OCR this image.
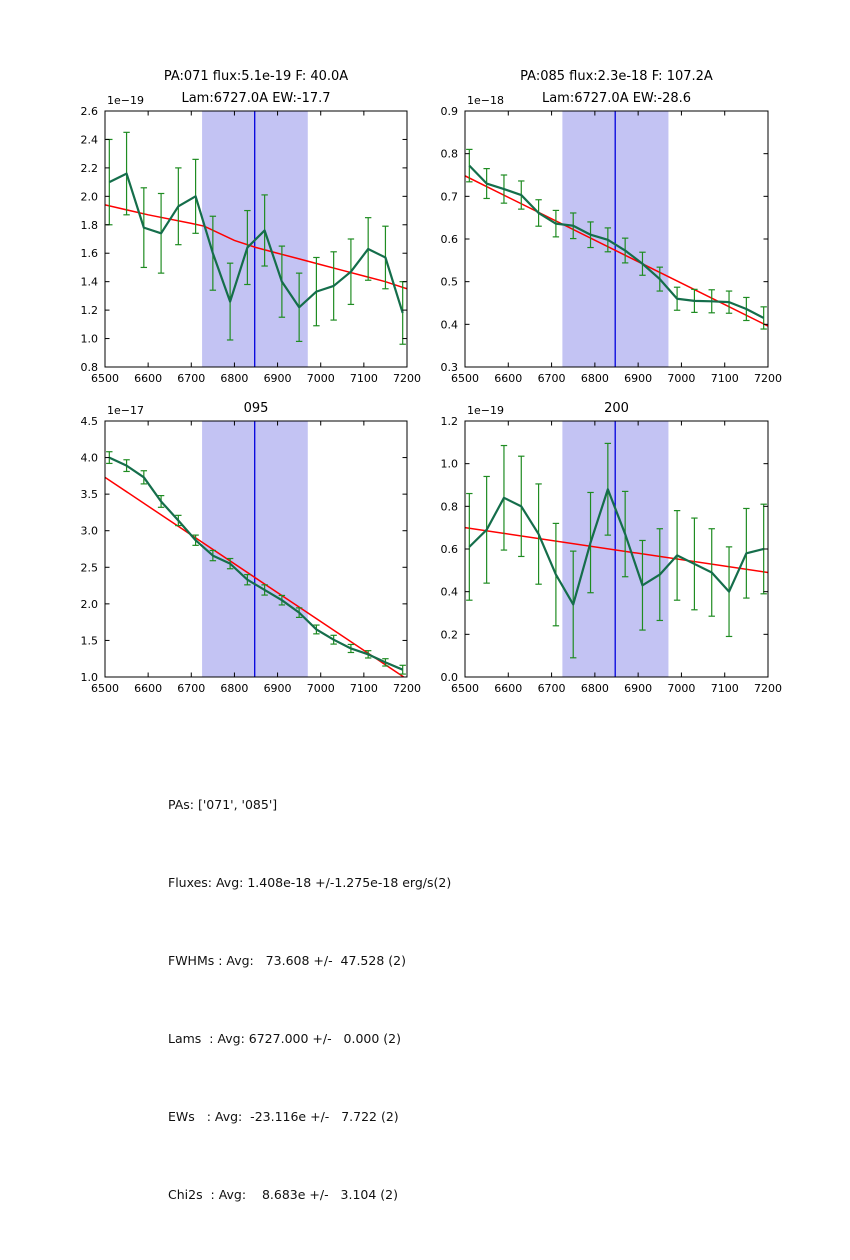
6500 6600 6700 6800 6900 7000 7100 7200
0.8
1.0
1.2
1.4
1.6
1.8
2.0
2.2
2.4
2.6
6500 6600 6700 6800 6900 7000 7100 7200
0.3
0.4
0.5
0.6
0.7
0.8
0.9
6500 6600 6700 6800 6900 7000 7100 7200
1.0
1.5
2.0
2.5
3.0
3.5
4.0
4.5
6500 6600 6700 6800 6900 7000 7100 7200
0.0
0.2
0.4
0.6
0.8
1.0
1.2
PA:071 flux:5.1e-19 F: 40.0A
Lam:6727.0A EW:-17.7
PA:085 flux:2.3e-18 F: 107.2A
Lam:6727.0A EW:-28.6
095	200
1e−19	1e−18
1e−17	1e−19

PAs: ['071', '085']

Fluxes: Avg: 1.408e-18 +/-1.275e-18 erg/s(2)

FWHMs : Avg:   73.608 +/-  47.528 (2)

Lams  : Avg: 6727.000 +/-   0.000 (2)

EWs   : Avg:  -23.116e +/-   7.722 (2)

Chi2s  : Avg:    8.683e +/-   3.104 (2)
